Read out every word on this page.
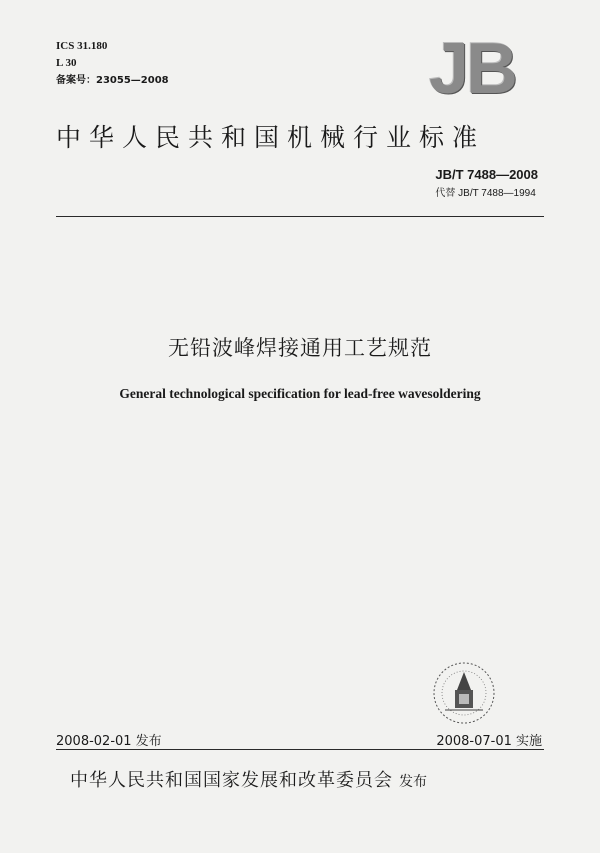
ICS 31.180
L 30
备案号：23055—2008	JB
中华人民共和国机械行业标准
JB/T 7488—2008
代替 JB/T 7488—1994
无铅波峰焊接通用工艺规范
General technological specification for lead-free wavesoldering
2008-02-01 发布	2008-07-01 实施
中华人民共和国国家发展和改革委员会 发布
